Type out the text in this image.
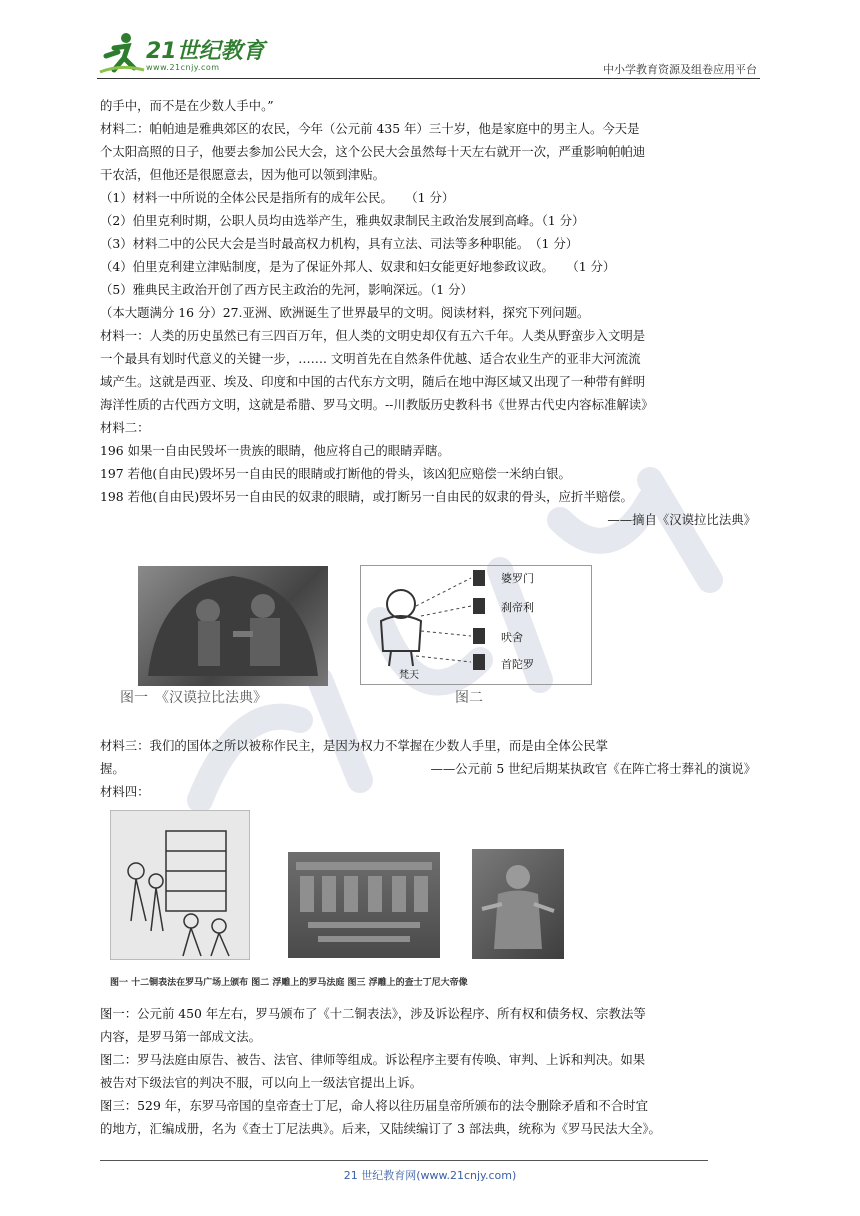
21世纪教育
www.21cnjy.com	中小学教育资源及组卷应用平台
的手中，而不是在少数人手中。”
材料二：帕帕迪是雅典郊区的农民，今年（公元前 435 年）三十岁，他是家庭中的男主人。今天是
个太阳高照的日子，他要去参加公民大会，这个公民大会虽然每十天左右就开一次，严重影响帕帕迪
干农活，但他还是很愿意去，因为他可以领到津贴。
（1）材料一中所说的全体公民是指所有的成年公民。　　（1 分）
（2）伯里克利时期，公职人员均由选举产生，雅典奴隶制民主政治发展到高峰。（1 分）
（3）材料二中的公民大会是当时最高权力机构，具有立法、司法等多种职能。　（1 分）
（4）伯里克利建立津贴制度，是为了保证外邦人、奴隶和妇女能更好地参政议政。　　（1 分）
（5）雅典民主政治开创了西方民主政治的先河，影响深远。（1 分）
（本大题满分 16 分）27.亚洲、欧洲诞生了世界最早的文明。阅读材料，探究下列问题。
材料一：人类的历史虽然已有三四百万年，但人类的文明史却仅有五六千年。人类从野蛮步入文明是
一个最具有划时代意义的关键一步，……. 文明首先在自然条件优越、适合农业生产的亚非大河流流
域产生。这就是西亚、埃及、印度和中国的古代东方文明，随后在地中海区域又出现了一种带有鲜明
海洋性质的古代西方文明，这就是希腊、罗马文明。--川教版历史教科书《世界古代史内容标准解读》
材料二：
196 如果一自由民毁坏一贵族的眼睛，他应将自己的眼睛弄瞎。
197 若他(自由民)毁坏另一自由民的眼睛或打断他的骨头，该凶犯应赔偿一米纳白银。
198 若他(自由民)毁坏另一自由民的奴隶的眼睛，或打断另一自由民的奴隶的骨头，应折半赔偿。
——摘自《汉谟拉比法典》
婆罗门
刹帝利
吠舍
首陀罗
梵天
图一　《汉谟拉比法典》	图二
材料三：我们的国体之所以被称作民主，是因为权力不掌握在少数人手里，而是由全体公民掌
握。	——公元前 5 世纪后期某执政官《在阵亡将士葬礼的演说》
材料四：
图一 十二铜表法在罗马广场上颁布 图二 浮雕上的罗马法庭 图三 浮雕上的查士丁尼大帝像
图一：公元前 450 年左右，罗马颁布了《十二铜表法》，涉及诉讼程序、所有权和债务权、宗教法等
内容，是罗马第一部成文法。
图二：罗马法庭由原告、被告、法官、律师等组成。诉讼程序主要有传唤、审判、上诉和判决。如果
被告对下级法官的判决不服，可以向上一级法官提出上诉。
图三：529 年，东罗马帝国的皇帝查士丁尼，命人将以往历届皇帝所颁布的法令删除矛盾和不合时宜
的地方，汇编成册，名为《查士丁尼法典》。后来，又陆续编订了 3 部法典，统称为《罗马民法大全》。
21 世纪教育网(www.21cnjy.com)
